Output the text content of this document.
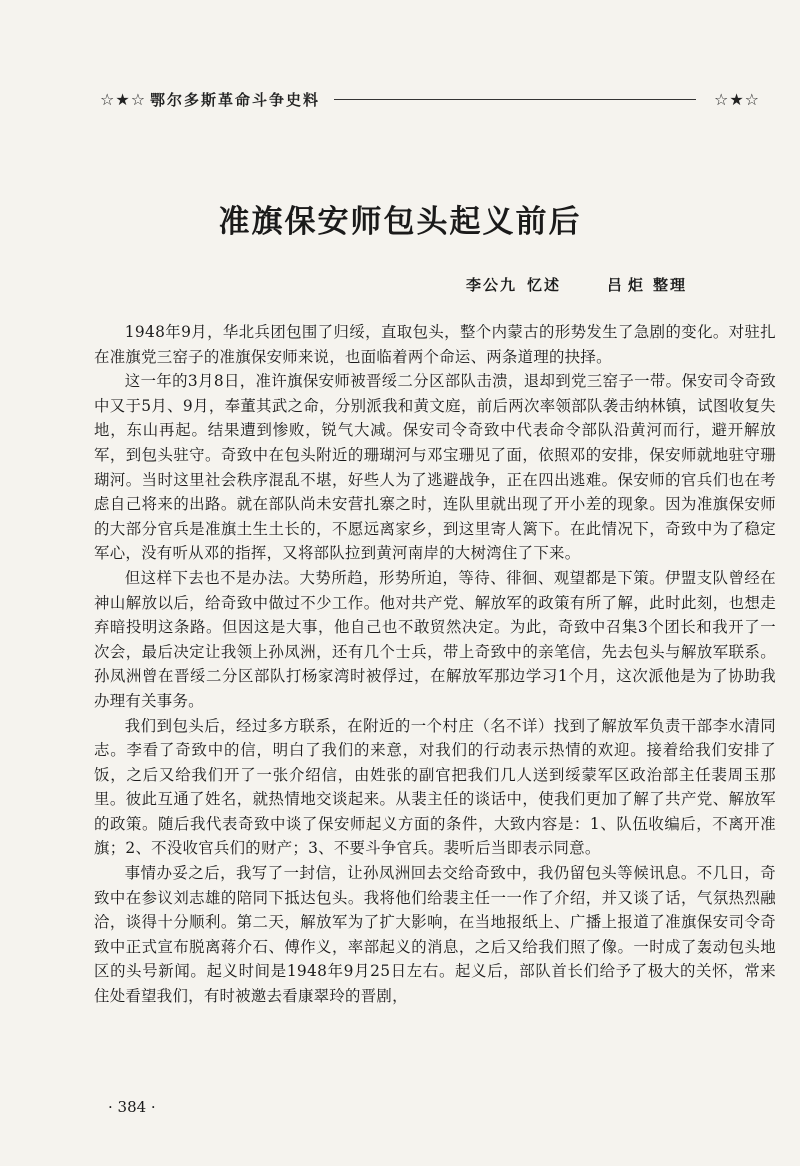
☆★☆ 鄂尔多斯革命斗争史料	☆★☆
准旗保安师包头起义前后
李公九 忆述	吕炬 整理

1948年9月，华北兵团包围了归绥，直取包头，整个内蒙古的形势发生了急剧的变化。对驻扎在准旗党三窑子的准旗保安师来说，也面临着两个命运、两条道理的抉择。

这一年的3月8日，准许旗保安师被晋绥二分区部队击溃，退却到党三窑子一带。保安司令奇致中又于5月、9月，奉董其武之命，分别派我和黄文庭，前后两次率领部队袭击纳林镇，试图收复失地，东山再起。结果遭到惨败，锐气大减。保安司令奇致中代表命令部队沿黄河而行，避开解放军，到包头驻守。奇致中在包头附近的珊瑚河与邓宝珊见了面，依照邓的安排，保安师就地驻守珊瑚河。当时这里社会秩序混乱不堪，好些人为了逃避战争，正在四出逃难。保安师的官兵们也在考虑自己将来的出路。就在部队尚未安营扎寨之时，连队里就出现了开小差的现象。因为准旗保安师的大部分官兵是准旗土生土长的，不愿远离家乡，到这里寄人篱下。在此情况下，奇致中为了稳定军心，没有听从邓的指挥，又将部队拉到黄河南岸的大树湾住了下来。

但这样下去也不是办法。大势所趋，形势所迫，等待、徘徊、观望都是下策。伊盟支队曾经在神山解放以后，给奇致中做过不少工作。他对共产党、解放军的政策有所了解，此时此刻，也想走弃暗投明这条路。但因这是大事，他自己也不敢贸然决定。为此，奇致中召集3个团长和我开了一次会，最后决定让我领上孙凤洲，还有几个士兵，带上奇致中的亲笔信，先去包头与解放军联系。孙凤洲曾在晋绥二分区部队打杨家湾时被俘过，在解放军那边学习1个月，这次派他是为了协助我办理有关事务。

我们到包头后，经过多方联系，在附近的一个村庄（名不详）找到了解放军负责干部李水清同志。李看了奇致中的信，明白了我们的来意，对我们的行动表示热情的欢迎。接着给我们安排了饭，之后又给我们开了一张介绍信，由姓张的副官把我们几人送到绥蒙军区政治部主任裴周玉那里。彼此互通了姓名，就热情地交谈起来。从裴主任的谈话中，使我们更加了解了共产党、解放军的政策。随后我代表奇致中谈了保安师起义方面的条件，大致内容是：1、队伍收编后，不离开准旗；2、不没收官兵们的财产；3、不要斗争官兵。裴听后当即表示同意。

事情办妥之后，我写了一封信，让孙凤洲回去交给奇致中，我仍留包头等候讯息。不几日，奇致中在参议刘志雄的陪同下抵达包头。我将他们给裴主任一一作了介绍，并又谈了话，气氛热烈融洽，谈得十分顺利。第二天，解放军为了扩大影响，在当地报纸上、广播上报道了准旗保安司令奇致中正式宣布脱离蒋介石、傅作义，率部起义的消息，之后又给我们照了像。一时成了轰动包头地区的头号新闻。起义时间是1948年9月25日左右。起义后，部队首长们给予了极大的关怀，常来住处看望我们，有时被邀去看康翠玲的晋剧，

· 384 ·
